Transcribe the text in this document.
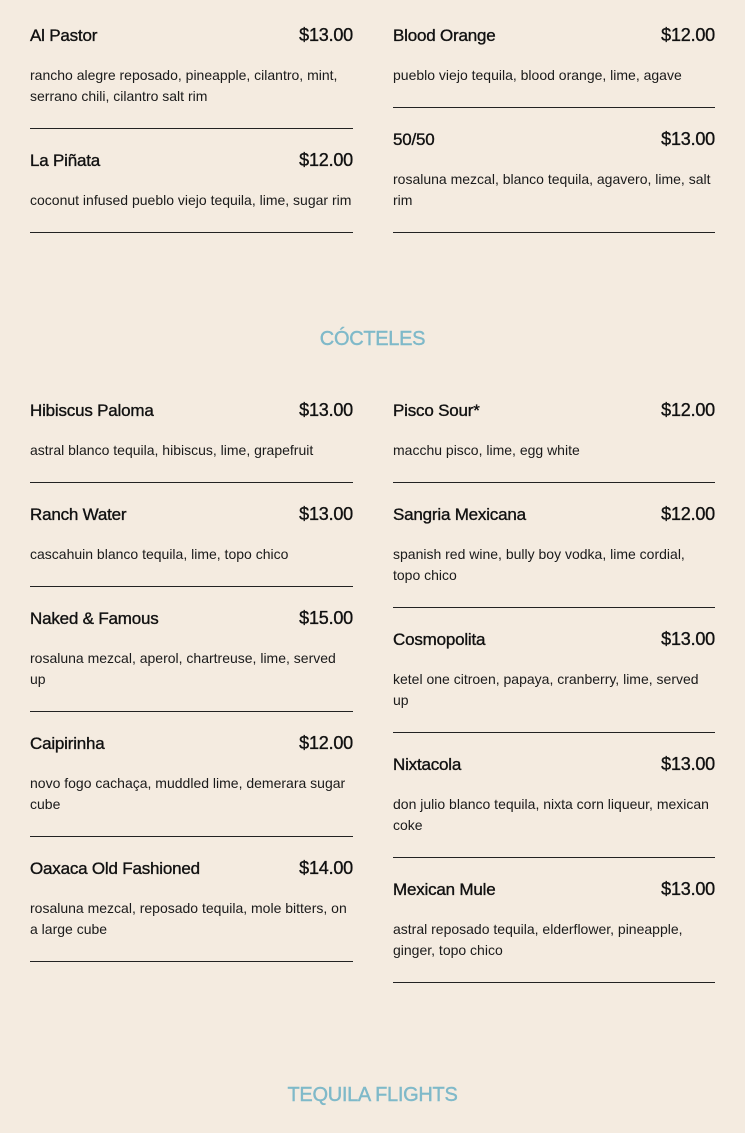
Al Pastor	$13.00
rancho alegre reposado, pineapple, cilantro, mint, serrano chili, cilantro salt rim
La Piñata	$12.00
coconut infused pueblo viejo tequila, lime, sugar rim
Blood Orange	$12.00
pueblo viejo tequila, blood orange, lime, agave
50/50	$13.00
rosaluna mezcal, blanco tequila, agavero, lime, salt rim
CÓCTELES
Hibiscus Paloma	$13.00
astral blanco tequila, hibiscus, lime, grapefruit
Ranch Water	$13.00
cascahuin blanco tequila, lime, topo chico
Naked & Famous	$15.00
rosaluna mezcal, aperol, chartreuse, lime, served up
Caipirinha	$12.00
novo fogo cachaça, muddled lime, demerara sugar cube
Oaxaca Old Fashioned	$14.00
rosaluna mezcal, reposado tequila, mole bitters, on a large cube
Pisco Sour*	$12.00
macchu pisco, lime, egg white
Sangria Mexicana	$12.00
spanish red wine, bully boy vodka, lime cordial, topo chico
Cosmopolita	$13.00
ketel one citroen, papaya, cranberry, lime, served up
Nixtacola	$13.00
don julio blanco tequila, nixta corn liqueur, mexican coke
Mexican Mule	$13.00
astral reposado tequila, elderflower, pineapple, ginger, topo chico
TEQUILA FLIGHTS
